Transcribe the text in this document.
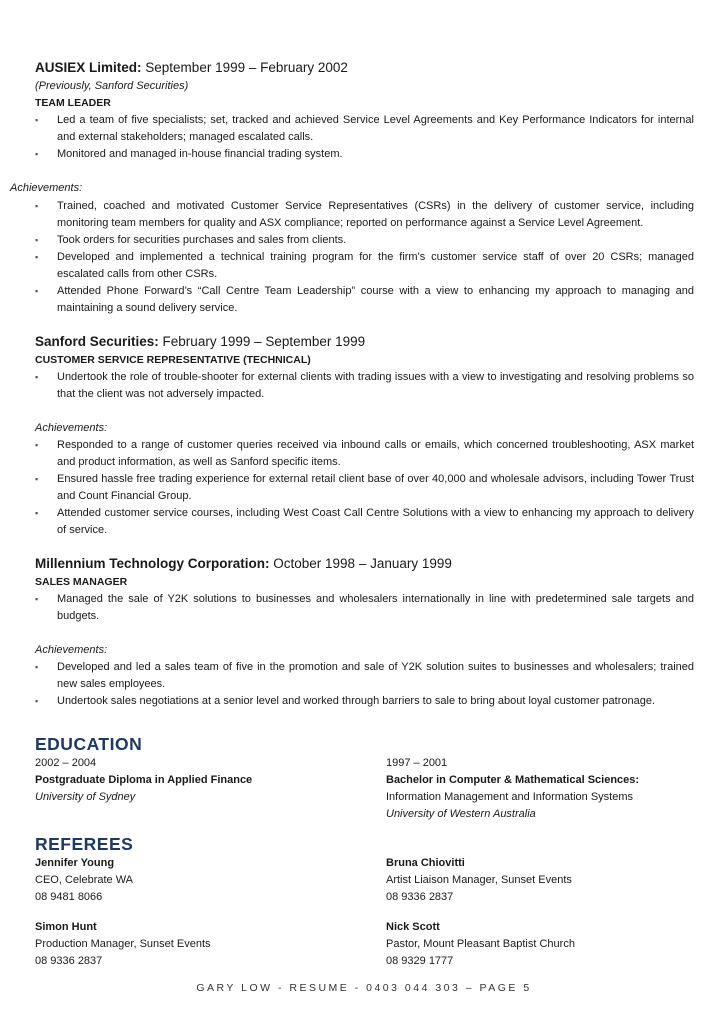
AUSIEX Limited: September 1999 – February 2002
(Previously, Sanford Securities)
TEAM LEADER
▪ Led a team of five specialists; set, tracked and achieved Service Level Agreements and Key Performance Indicators for internal and external stakeholders; managed escalated calls.
▪ Monitored and managed in-house financial trading system.
Achievements:
▪ Trained, coached and motivated Customer Service Representatives (CSRs) in the delivery of customer service, including monitoring team members for quality and ASX compliance; reported on performance against a Service Level Agreement.
▪ Took orders for securities purchases and sales from clients.
▪ Developed and implemented a technical training program for the firm's customer service staff of over 20 CSRs; managed escalated calls from other CSRs.
▪ Attended Phone Forward’s “Call Centre Team Leadership” course with a view to enhancing my approach to managing and maintaining a sound delivery service.
Sanford Securities: February 1999 – September 1999
CUSTOMER SERVICE REPRESENTATIVE (TECHNICAL)
▪ Undertook the role of trouble-shooter for external clients with trading issues with a view to investigating and resolving problems so that the client was not adversely impacted.
Achievements:
▪ Responded to a range of customer queries received via inbound calls or emails, which concerned troubleshooting, ASX market and product information, as well as Sanford specific items.
▪ Ensured hassle free trading experience for external retail client base of over 40,000 and wholesale advisors, including Tower Trust and Count Financial Group.
▪ Attended customer service courses, including West Coast Call Centre Solutions with a view to enhancing my approach to delivery of service.
Millennium Technology Corporation: October 1998 – January 1999
SALES MANAGER
▪ Managed the sale of Y2K solutions to businesses and wholesalers internationally in line with predetermined sale targets and budgets.
Achievements:
▪ Developed and led a sales team of five in the promotion and sale of Y2K solution suites to businesses and wholesalers; trained new sales employees.
▪ Undertook sales negotiations at a senior level and worked through barriers to sale to bring about loyal customer patronage.
EDUCATION
2002 – 2004
Postgraduate Diploma in Applied Finance
University of Sydney
1997 – 2001
Bachelor in Computer & Mathematical Sciences: Information Management and Information Systems
University of Western Australia
REFEREES
Jennifer Young
CEO, Celebrate WA
08 9481 8066
Bruna Chiovitti
Artist Liaison Manager, Sunset Events
08 9336 2837
Simon Hunt
Production Manager, Sunset Events
08 9336 2837
Nick Scott
Pastor, Mount Pleasant Baptist Church
08 9329 1777
GARY LOW - RESUME - 0403 044 303 – PAGE 5
